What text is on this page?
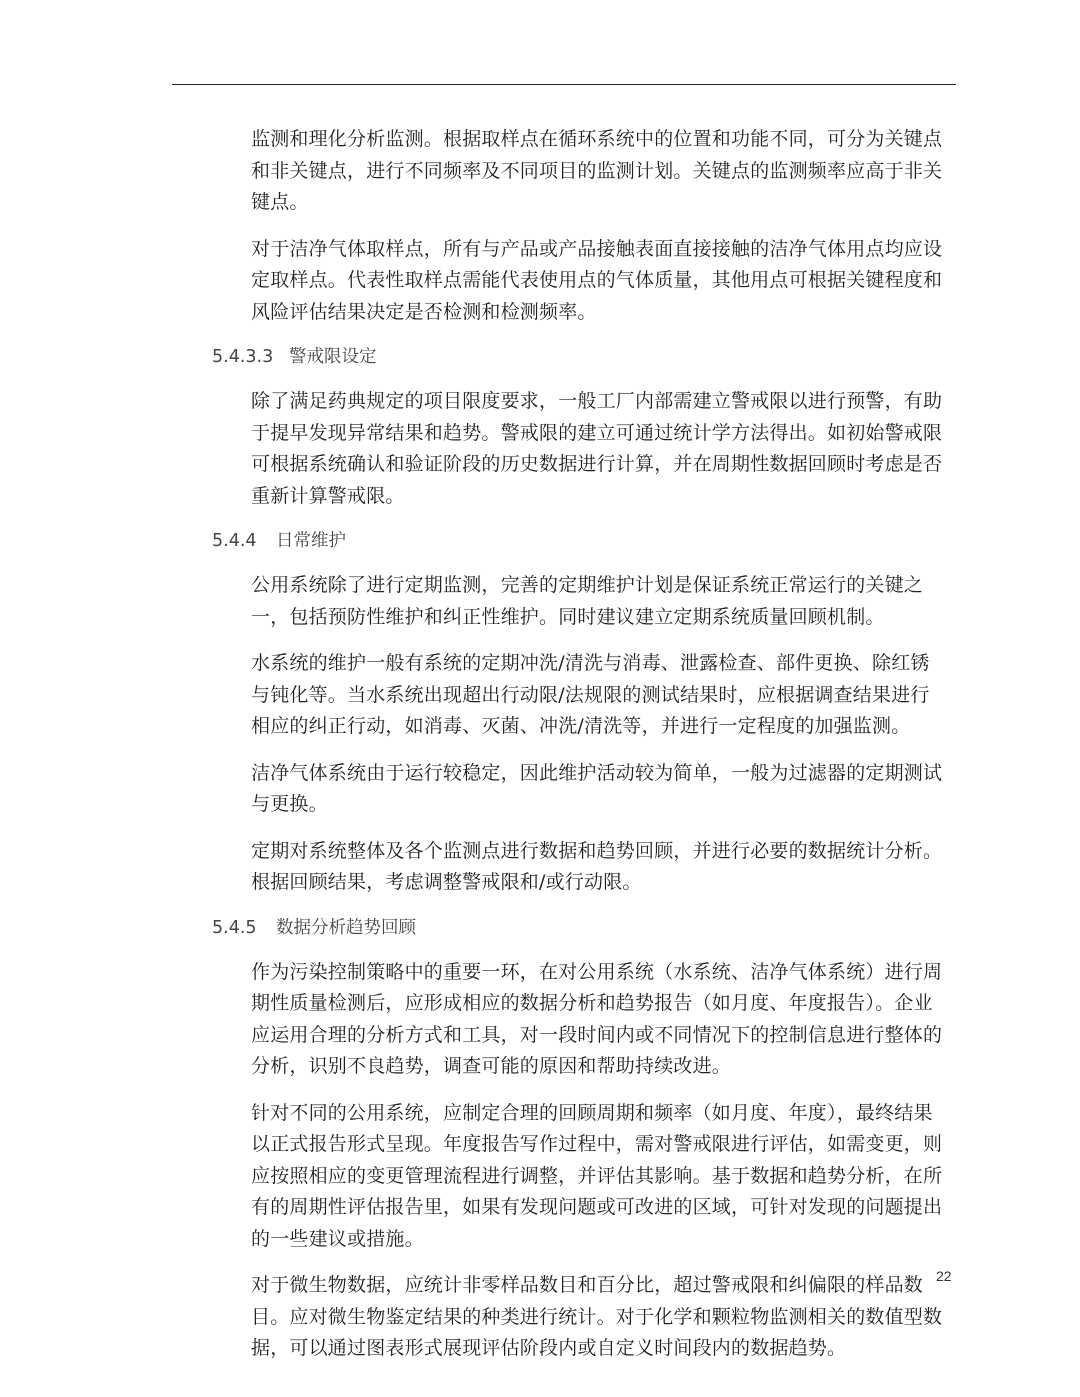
监测和理化分析监测。根据取样点在循环系统中的位置和功能不同，可分为关键点
和非关键点，进行不同频率及不同项目的监测计划。关键点的监测频率应高于非关
键点。
对于洁净气体取样点，所有与产品或产品接触表面直接接触的洁净气体用点均应设
定取样点。代表性取样点需能代表使用点的气体质量，其他用点可根据关键程度和
风险评估结果决定是否检测和检测频率。
5.4.3.3 警戒限设定
除了满足药典规定的项目限度要求，一般工厂内部需建立警戒限以进行预警，有助
于提早发现异常结果和趋势。警戒限的建立可通过统计学方法得出。如初始警戒限
可根据系统确认和验证阶段的历史数据进行计算，并在周期性数据回顾时考虑是否
重新计算警戒限。
5.4.4	日常维护
公用系统除了进行定期监测，完善的定期维护计划是保证系统正常运行的关键之
一，包括预防性维护和纠正性维护。同时建议建立定期系统质量回顾机制。
水系统的维护一般有系统的定期冲洗/清洗与消毒、泄露检查、部件更换、除红锈
与钝化等。当水系统出现超出行动限/法规限的测试结果时，应根据调查结果进行
相应的纠正行动，如消毒、灭菌、冲洗/清洗等，并进行一定程度的加强监测。
洁净气体系统由于运行较稳定，因此维护活动较为简单，一般为过滤器的定期测试
与更换。
定期对系统整体及各个监测点进行数据和趋势回顾，并进行必要的数据统计分析。
根据回顾结果，考虑调整警戒限和/或行动限。
5.4.5	数据分析趋势回顾
作为污染控制策略中的重要一环，在对公用系统（水系统、洁净气体系统）进行周
期性质量检测后，应形成相应的数据分析和趋势报告（如月度、年度报告）。企业
应运用合理的分析方式和工具，对一段时间内或不同情况下的控制信息进行整体的
分析，识别不良趋势，调查可能的原因和帮助持续改进。
针对不同的公用系统，应制定合理的回顾周期和频率（如月度、年度），最终结果
以正式报告形式呈现。年度报告写作过程中，需对警戒限进行评估，如需变更，则
应按照相应的变更管理流程进行调整，并评估其影响。基于数据和趋势分析，在所
有的周期性评估报告里，如果有发现问题或可改进的区域，可针对发现的问题提出
的一些建议或措施。
对于微生物数据，应统计非零样品数目和百分比，超过警戒限和纠偏限的样品数
目。应对微生物鉴定结果的种类进行统计。对于化学和颗粒物监测相关的数值型数
据，可以通过图表形式展现评估阶段内或自定义时间段内的数据趋势。
22
